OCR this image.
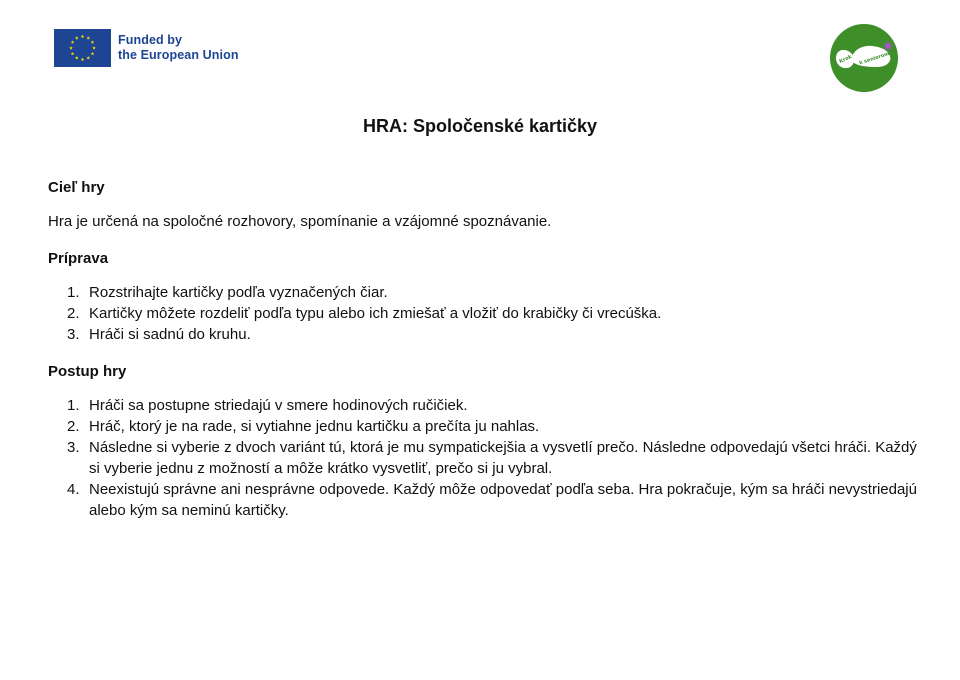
Funded by
the European Union	Krok k seniorom
HRA: Spoločenské kartičky
Cieľ hry

Hra je určená na spoločné rozhovory, spomínanie a vzájomné spoznávanie.

Príprava
1. Rozstrihajte kartičky podľa vyznačených čiar.
2. Kartičky môžete rozdeliť podľa typu alebo ich zmiešať a vložiť do krabičky či vrecúška.
3. Hráči si sadnú do kruhu.
Postup hry
1. Hráči sa postupne striedajú v smere hodinových ručičiek.
2. Hráč, ktorý je na rade, si vytiahne jednu kartičku a prečíta ju nahlas.
3. Následne si vyberie z dvoch variánt tú, ktorá je mu sympatickejšia a vysvetlí prečo. Následne odpovedajú všetci hráči. Každý si vyberie jednu z možností a môže krátko vysvetliť, prečo si ju vybral.
4. Neexistujú správne ani nesprávne odpovede. Každý môže odpovedať podľa seba. Hra pokračuje, kým sa hráči nevystriedajú alebo kým sa neminú kartičky.
